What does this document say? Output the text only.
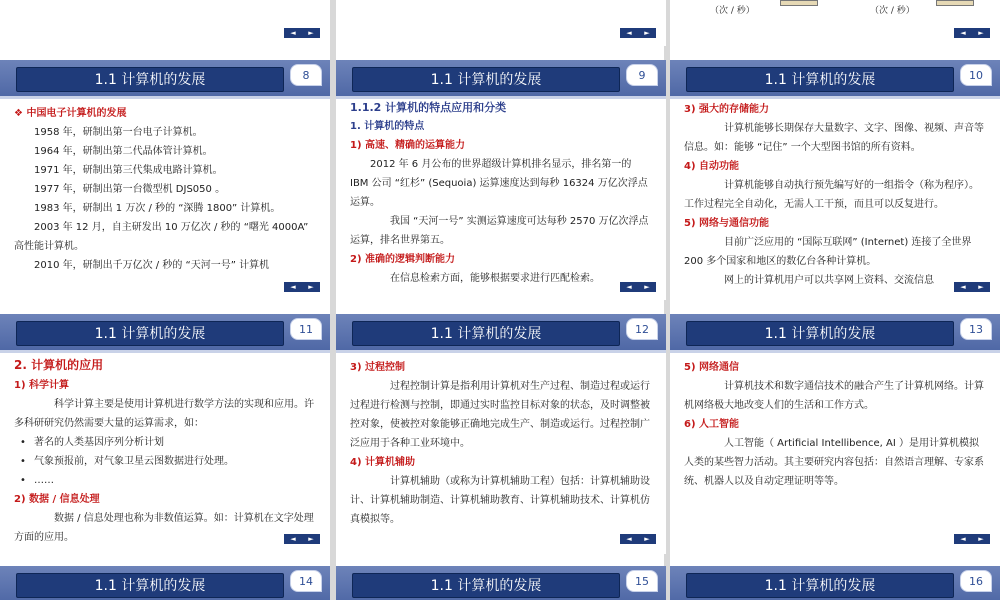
◄ ►	◄ ►
（次 / 秒）	（次 / 秒）
◄ ►
1.1 计算机的发展	8

❖ 中国电子计算机的发展

1958 年，研制出第一台电子计算机。

1964 年，研制出第二代晶体管计算机。

1971 年，研制出第三代集成电路计算机。

1977 年，研制出第一台微型机 DJS050 。

1983 年，研制出 1 万次 / 秒的 “深腾 1800” 计算机。

2003 年 12 月，自主研发出 10 万亿次 / 秒的 “曙光 4000A” 高性能计算机。

2010 年，研制出千万亿次 / 秒的 “天河一号” 计算机

◄ ►
1.1 计算机的发展	9

1.1.2 计算机的特点应用和分类

1. 计算机的特点

1) 高速、精确的运算能力

2012 年 6 月公布的世界超级计算机排名显示，排名第一的 IBM 公司 “红杉” (Sequoia) 运算速度达到每秒 16324 万亿次浮点运算。

我国 “天河一号” 实测运算速度可达每秒 2570 万亿次浮点运算，排名世界第五。

2) 准确的逻辑判断能力

在信息检索方面，能够根据要求进行匹配检索。

◄ ►
1.1 计算机的发展	10

3) 强大的存储能力

计算机能够长期保存大量数字、文字、图像、视频、声音等信息。如：能够 “记住” 一个大型图书馆的所有资料。

4) 自动功能

计算机能够自动执行预先编写好的一组指令（称为程序）。工作过程完全自动化，无需人工干预，而且可以反复进行。

5) 网络与通信功能

目前广泛应用的 “国际互联网” (Internet) 连接了全世界 200 多个国家和地区的数亿台各种计算机。

网上的计算机用户可以共享网上资料、交流信息

◄ ►
1.1 计算机的发展	11

2. 计算机的应用

1) 科学计算

科学计算主要是使用计算机进行数学方法的实现和应用。许多科研研究仍然需要大量的运算需求，如：

• 著名的人类基因序列分析计划

• 气象预报前，对气象卫星云图数据进行处理。

• ……

2) 数据 / 信息处理

数据 / 信息处理也称为非数值运算。如：计算机在文字处理方面的应用。	◄ ►
1.1 计算机的发展	12

3) 过程控制

过程控制计算是指利用计算机对生产过程、制造过程或运行过程进行检测与控制，即通过实时监控目标对象的状态，及时调整被控对象，使被控对象能够正确地完成生产、制造或运行。过程控制广泛应用于各种工业环境中。

4) 计算机辅助

计算机辅助（或称为计算机辅助工程）包括：计算机辅助设计、计算机辅助制造、计算机辅助教育、计算机辅助技术、计算机仿真模拟等。

◄ ►
1.1 计算机的发展	13

5) 网络通信

计算机技术和数字通信技术的融合产生了计算机网络。计算机网络极大地改变人们的生活和工作方式。

6) 人工智能

人工智能（ Artificial Intellibence, AI ）是用计算机模拟人类的某些智力活动。其主要研究内容包括：自然语言理解、专家系统、机器人以及自动定理证明等等。

◄ ►
1.1 计算机的发展	14	1.1 计算机的发展	15	1.1 计算机的发展	16
